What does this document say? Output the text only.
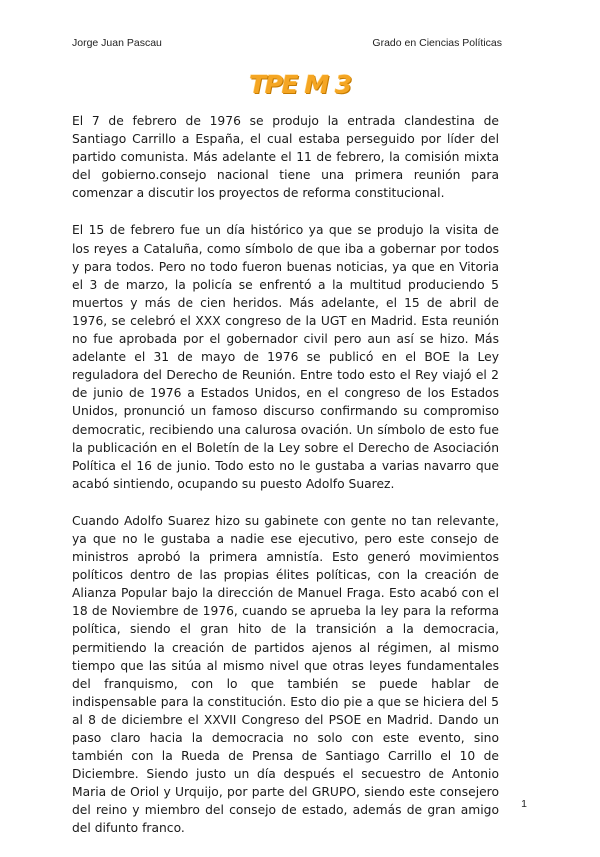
Jorge Juan Pascau	Grado en Ciencias Políticas
TPE M 3

El 7 de febrero de 1976 se produjo la entrada clandestina de Santiago Carrillo a España, el cual estaba perseguido por líder del partido comunista. Más adelante el 11 de febrero, la comisión mixta del gobierno.consejo nacional tiene una primera reunión para comenzar a discutir los proyectos de reforma constitucional.

El 15 de febrero fue un día histórico ya que se produjo la visita de los reyes a Cataluña, como símbolo de que iba a gobernar por todos y para todos. Pero no todo fueron buenas noticias, ya que en Vitoria el 3 de marzo, la policía se enfrentó a la multitud produciendo 5 muertos y más de cien heridos. Más adelante, el 15 de abril de 1976, se celebró el XXX congreso de la UGT en Madrid. Esta reunión no fue aprobada por el gobernador civil pero aun así se hizo. Más adelante el 31 de mayo de 1976 se publicó en el BOE la Ley reguladora del Derecho de Reunión. Entre todo esto el Rey viajó el 2 de junio de 1976 a Estados Unidos, en el congreso de los Estados Unidos, pronunció un famoso discurso confirmando su compromiso democratic, recibiendo una calurosa ovación. Un símbolo de esto fue la publicación en el Boletín de la Ley sobre el Derecho de Asociación Política el 16 de junio. Todo esto no le gustaba a varias navarro que acabó sintiendo, ocupando su puesto Adolfo Suarez.

Cuando Adolfo Suarez hizo su gabinete con gente no tan relevante, ya que no le gustaba a nadie ese ejecutivo, pero este consejo de ministros aprobó la primera amnistía. Esto generó movimientos políticos dentro de las propias élites políticas, con la creación de Alianza Popular bajo la dirección de Manuel Fraga. Esto acabó con el 18 de Noviembre de 1976, cuando se aprueba la ley para la reforma política, siendo el gran hito de la transición a la democracia, permitiendo la creación de partidos ajenos al régimen, al mismo tiempo que las sitúa al mismo nivel que otras leyes fundamentales del franquismo, con lo que también se puede hablar de indispensable para la constitución. Esto dio pie a que se hiciera del 5 al 8 de diciembre el XXVII Congreso del PSOE en Madrid. Dando un paso claro hacia la democracia no solo con este evento, sino también con la Rueda de Prensa de Santiago Carrillo el 10 de Diciembre. Siendo justo un día después el secuestro de Antonio Maria de Oriol y Urquijo, por parte del GRUPO, siendo este consejero del reino y miembro del consejo de estado, además de gran amigo del difunto franco.

1
